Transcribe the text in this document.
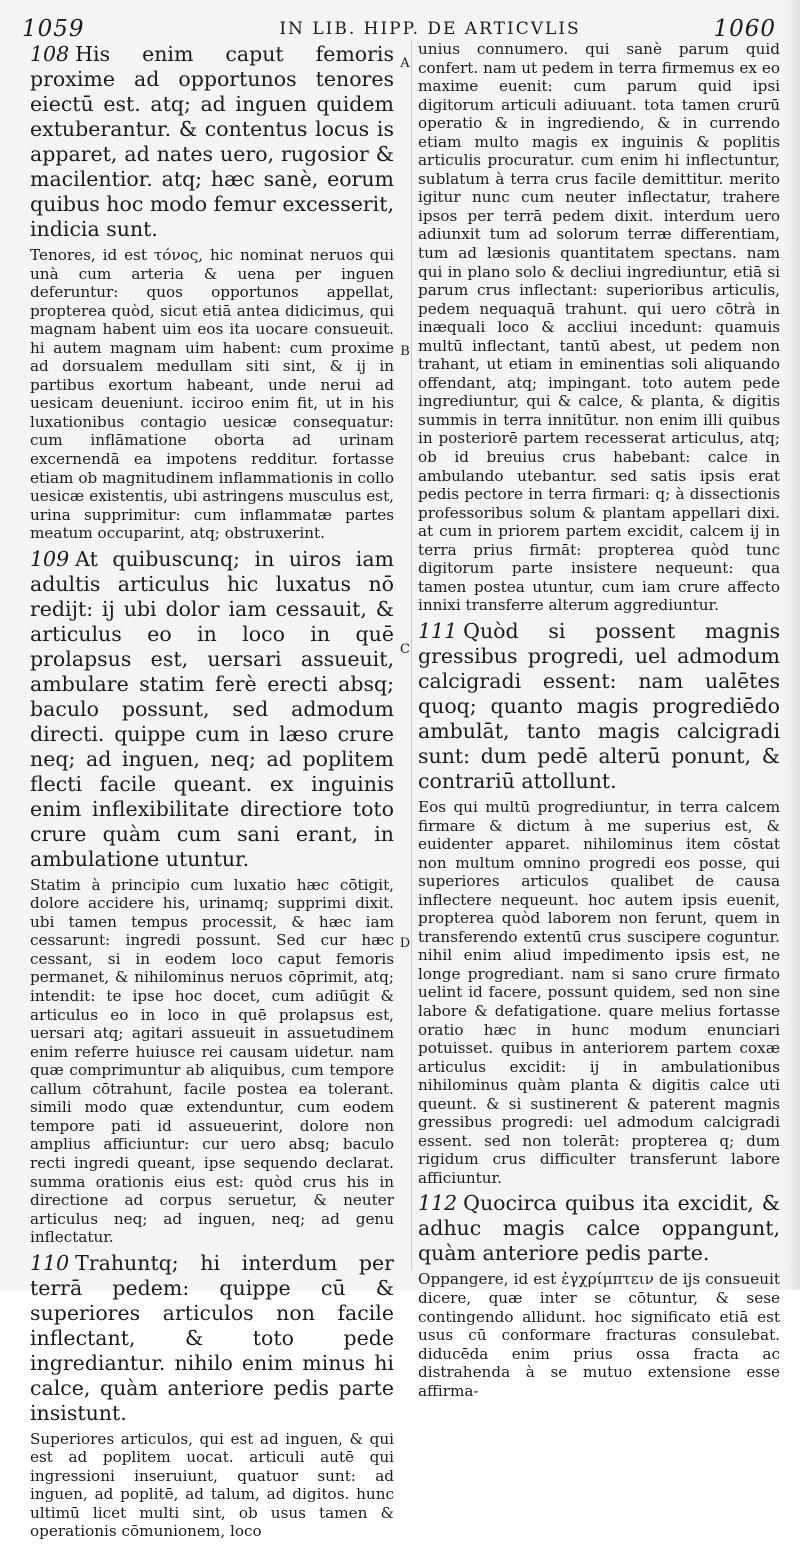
1059	IN LIB. HIPP. DE ARTICVLIS	1060
A
B
C
D

108 His enim caput femoris proxime ad opportunos tenores eiectū est. atq; ad inguen quidem extuberantur. & contentus locus is apparet, ad nates uero, rugosior & macilentior. atq; hæc sanè, eorum quibus hoc modo femur excesserit, indicia sunt.

Tenores, id est τόνος, hic nominat neruos qui unà cum arteria & uena per inguen deferuntur: quos opportunos appellat, propterea quòd, sicut etiā antea didicimus, qui magnam habent uim eos ita uocare consueuit. hi autem magnam uim habent: cum proxime ad dorsualem medullam siti sint, & ij in partibus exortum habeant, unde nerui ad uesicam deueniunt. icciroo enim fit, ut in his luxationibus contagio uesicæ consequatur: cum inflāmatione oborta ad urinam excernendā ea impotens redditur. fortasse etiam ob magnitudinem inflammationis in collo uesicæ existentis, ubi astringens musculus est, urina supprimitur: cum inflammatæ partes meatum occuparint, atq; obstruxerint.

109 At quibuscunq; in uiros iam adultis articulus hic luxatus nō redijt: ij ubi dolor iam cessauit, & articulus eo in loco in quē prolapsus est, uersari assueuit, ambulare statim ferè erecti absq; baculo possunt, sed admodum directi. quippe cum in læso crure neq; ad inguen, neq; ad poplitem flecti facile queant. ex inguinis enim inflexibilitate directiore toto crure quàm cum sani erant, in ambulatione utuntur.

Statim à principio cum luxatio hæc cōtigit, dolore accidere his, urinamq; supprimi dixit. ubi tamen tempus processit, & hæc iam cessarunt: ingredi possunt. Sed cur hæc cessant, si in eodem loco caput femoris permanet, & nihilominus neruos cōprimit, atq; intendit: te ipse hoc docet, cum adiūgit & articulus eo in loco in quē prolapsus est, uersari atq; agitari assueuit in assuetudinem enim referre huiusce rei causam uidetur. nam quæ comprimuntur ab aliquibus, cum tempore callum cōtrahunt, facile postea ea tolerant. simili modo quæ extenduntur, cum eodem tempore pati id assueuerint, dolore non amplius afficiuntur: cur uero absq; baculo recti ingredi queant, ipse sequendo declarat. summa orationis eius est: quòd crus his in directione ad corpus seruetur, & neuter articulus neq; ad inguen, neq; ad genu inflectatur.

110 Trahuntq; hi interdum per terrā pedem: quippe cū & superiores articulos non facile inflectant, & toto pede ingrediantur. nihilo enim minus hi calce, quàm anteriore pedis parte insistunt.

Superiores articulos, qui est ad inguen, & qui est ad poplitem uocat. articuli autē qui ingressioni inseruiunt, quatuor sunt: ad inguen, ad poplitē, ad talum, ad digitos. hunc ultimū licet multi sint, ob usus tamen & operationis cōmunionem, loco

unius connumero. qui sanè parum quid confert. nam ut pedem in terra firmemus ex eo maxime euenit: cum parum quid ipsi digitorum articuli adiuuant. tota tamen crurū operatio & in ingrediendo, & in currendo etiam multo magis ex inguinis & poplitis articulis procuratur. cum enim hi inflectuntur, sublatum à terra crus facile demittitur. merito igitur nunc cum neuter inflectatur, trahere ipsos per terrā pedem dixit. interdum uero adiunxit tum ad solorum terræ differentiam, tum ad læsionis quantitatem spectans. nam qui in plano solo & decliui ingrediuntur, etiā si parum crus inflectant: superioribus articulis, pedem nequaquā trahunt. qui uero cōtrà in inæquali loco & accliui incedunt: quamuis multū inflectant, tantū abest, ut pedem non trahant, ut etiam in eminentias soli aliquando offendant, atq; impingant. toto autem pede ingrediuntur, qui & calce, & planta, & digitis summis in terra innitūtur. non enim illi quibus in posteriorē partem recesserat articulus, atq; ob id breuius crus habebant: calce in ambulando utebantur. sed satis ipsis erat pedis pectore in terra firmari: q; à dissectionis professoribus solum & plantam appellari dixi. at cum in priorem partem excidit, calcem ij in terra prius firmāt: propterea quòd tunc digitorum parte insistere nequeunt: qua tamen postea utuntur, cum iam crure affecto innixi transferre alterum aggrediuntur.

111 Quòd si possent magnis gressibus progredi, uel admodum calcigradi essent: nam ualētes quoq; quanto magis progrediēdo ambulāt, tanto magis calcigradi sunt: dum pedē alterū ponunt, & contrariū attollunt.

Eos qui multū progrediuntur, in terra calcem firmare & dictum à me superius est, & euidenter apparet. nihilominus item cōstat non multum omnino progredi eos posse, qui superiores articulos qualibet de causa inflectere nequeunt. hoc autem ipsis euenit, propterea quòd laborem non ferunt, quem in transferendo extentū crus suscipere coguntur. nihil enim aliud impedimento ipsis est, ne longe progrediant. nam si sano crure firmato uelint id facere, possunt quidem, sed non sine labore & defatigatione. quare melius fortasse oratio hæc in hunc modum enunciari potuisset. quibus in anteriorem partem coxæ articulus excidit: ij in ambulationibus nihilominus quàm planta & digitis calce uti queunt. & si sustinerent & paterent magnis gressibus progredi: uel admodum calcigradi essent. sed non tolerāt: propterea q; dum rigidum crus difficulter transferunt labore afficiuntur.

112 Quocirca quibus ita excidit, & adhuc magis calce oppangunt, quàm anteriore pedis parte.

Oppangere, id est ἐγχρίμπτειν de ijs consueuit dicere, quæ inter se cōtuntur, & sese contingendo allidunt. hoc significato etiā est usus cū conformare fracturas consulebat. diducēda enim prius ossa fracta ac distrahenda à se mutuo extensione esse affirma-
